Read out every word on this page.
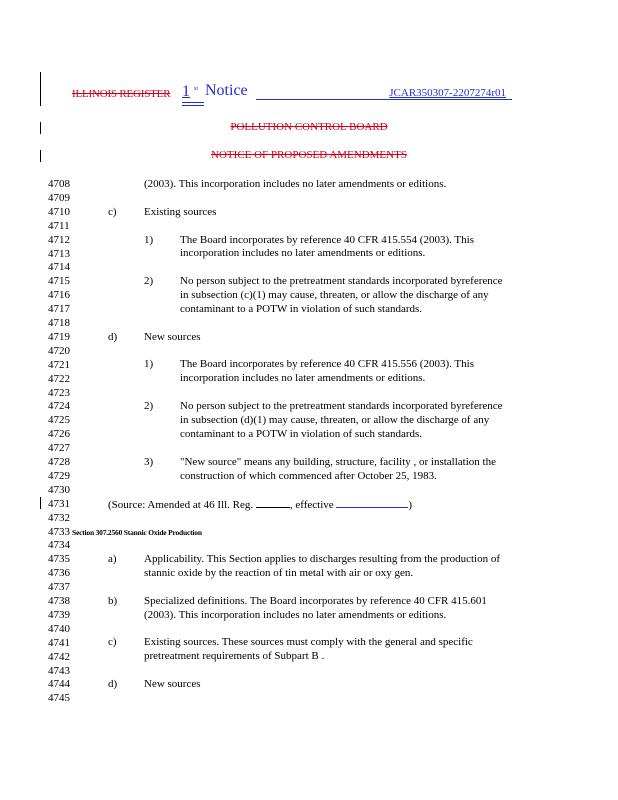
ILLINOIS REGISTER 1 st Notice	JCAR350307-2207274r01
POLLUTION CONTROL BOARD
NOTICE OF PROPOSED AMENDMENTS
4708
4709
4710
4711
4712
4713
4714
4715
4716
4717
4718
4719
4720
4721
4722
4723
4724
4725
4726
4727
4728
4729
4730
4731
4732
4733
4734
4735
4736
4737
4738
4739
4740
4741
4742
4743
4744
4745
(2003). This incorporation includes no later amendments or editions.
c) Existing sources
1) The Board incorporates by reference 40 CFR 415.554 (2003). This
incorporation includes no later amendments or editions.
2) No person subject to the pretreatment standards incorporated byreference
in subsection (c)(1) may cause, threaten, or allow the discharge of any
contaminant to a POTW in violation of such standards.
d) New sources
1) The Board incorporates by reference 40 CFR 415.556 (2003). This
incorporation includes no later amendments or editions.
2) No person subject to the pretreatment standards incorporated byreference
in subsection (d)(1) may cause, threaten, or allow the discharge of any
contaminant to a POTW in violation of such standards.
3) "New source" means any building, structure, facility , or installation the
construction of which commenced after October 25, 1983.
(Source: Amended at 46 Ill. Reg.	, effective	)
Section 307.2560 Stannic Oxide Production
a) Applicability. This Section applies to discharges resulting from the production of
stannic oxide by the reaction of tin metal with air or oxy gen.
b) Specialized definitions. The Board incorporates by reference 40 CFR 415.601
(2003). This incorporation includes no later amendments or editions.
c) Existing sources. These sources must comply with the general and specific
pretreatment requirements of Subpart B .
d) New sources
